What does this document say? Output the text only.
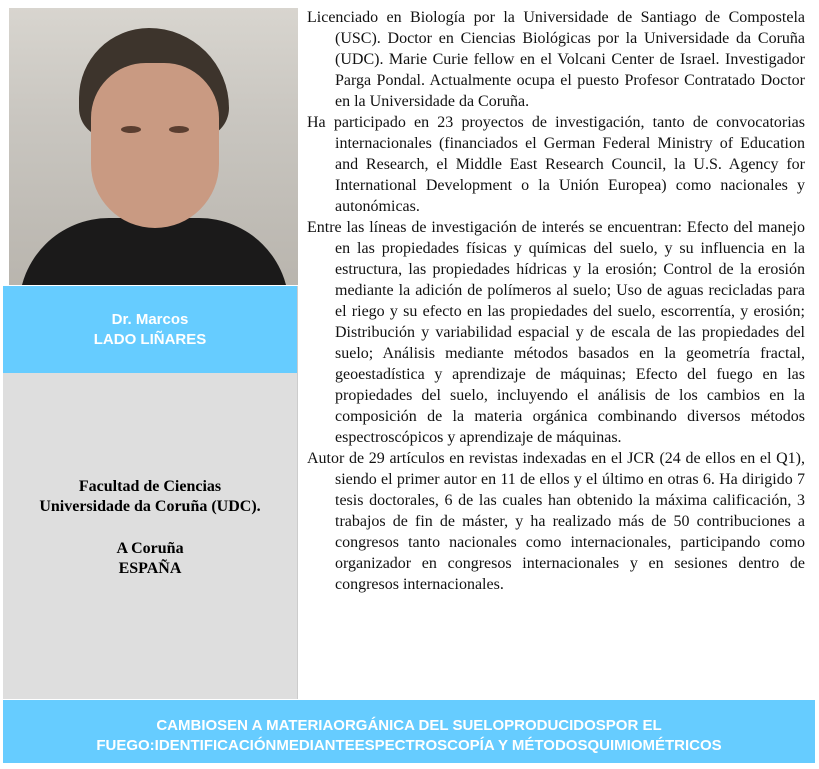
Dr. Marcos
LADO LIÑARES
Facultad de Ciencias
Universidade da Coruña (UDC).
A Coruña
ESPAÑA

Licenciado en Biología por la Universidade de Santiago de Compostela (USC). Doctor en Ciencias Biológicas por la Universidade da Coruña (UDC). Marie Curie fellow en el Volcani Center de Israel. Investigador Parga Pondal. Actualmente ocupa el puesto Profesor Contratado Doctor en la Universidade da Coruña.

Ha participado en 23 proyectos de investigación, tanto de convocatorias internacionales (financiados el German Federal Ministry of Education and Research, el Middle East Research Council, la U.S. Agency for International Development o la Unión Europea) como nacionales y autonómicas.

Entre las líneas de investigación de interés se encuentran: Efecto del manejo en las propiedades físicas y químicas del suelo, y su influencia en la estructura, las propiedades hídricas y la erosión; Control de la erosión mediante la adición de polímeros al suelo; Uso de aguas recicladas para el riego y su efecto en las propiedades del suelo, escorrentía, y erosión; Distribución y variabilidad espacial y de escala de las propiedades del suelo; Análisis mediante métodos basados en la geometría fractal, geoestadística y aprendizaje de máquinas; Efecto del fuego en las propiedades del suelo, incluyendo el análisis de los cambios en la composición de la materia orgánica combinando diversos métodos espectroscópicos y aprendizaje de máquinas.

Autor de 29 artículos en revistas indexadas en el JCR (24 de ellos en el Q1), siendo el primer autor en 11 de ellos y el último en otras 6. Ha dirigido 7 tesis doctorales, 6 de las cuales han obtenido la máxima calificación, 3 trabajos de fin de máster, y ha realizado más de 50 contribuciones a congresos tanto nacionales como internacionales, participando como organizador en congresos internacionales y en sesiones dentro de congresos internacionales.

CAMBIOSEN A MATERIAORGÁNICA DEL SUELOPRODUCIDOSPOR EL
FUEGO:IDENTIFICACIÓNMEDIANTEESPECTROSCOPÍA Y MÉTODOSQUIMIOMÉTRICOS
